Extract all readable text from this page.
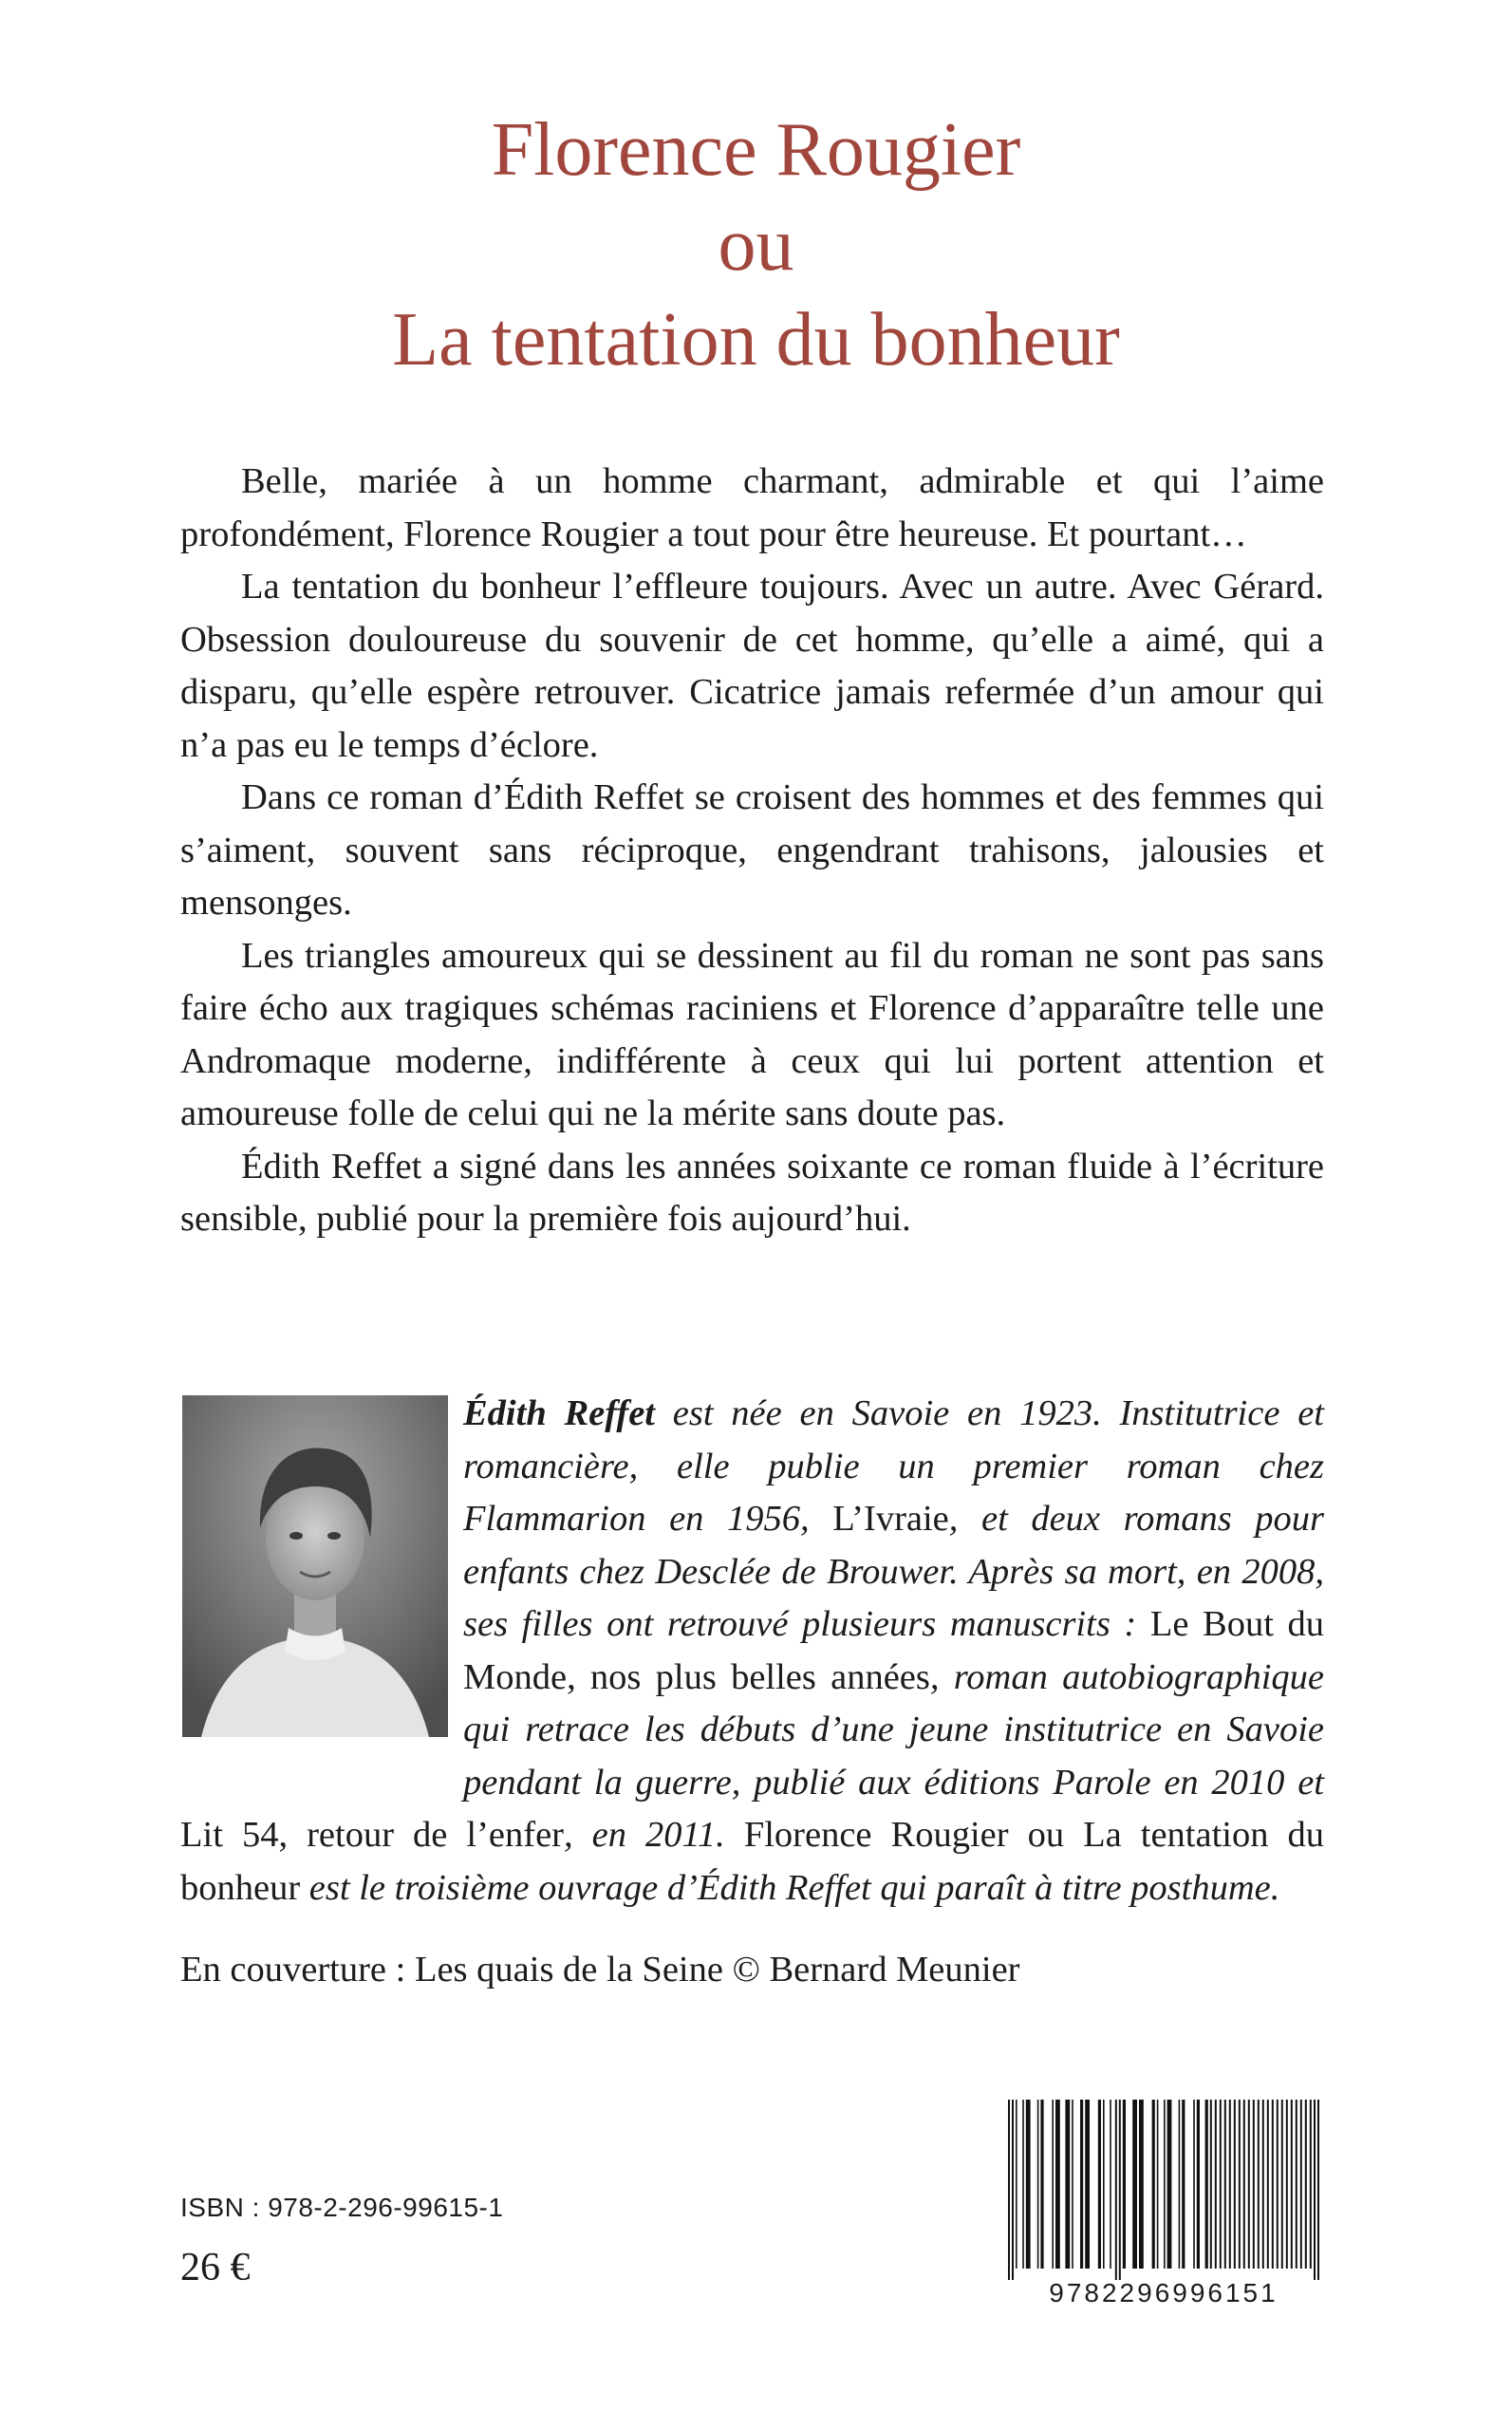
Florence Rougier
ou
La tentation du bonheur

Belle, mariée à un homme charmant, admirable et qui l’aime profondément, Florence Rougier a tout pour être heureuse. Et pourtant…

La tentation du bonheur l’effleure toujours. Avec un autre. Avec Gérard. Obsession douloureuse du souvenir de cet homme, qu’elle a aimé, qui a disparu, qu’elle espère retrouver. Cicatrice jamais refermée d’un amour qui n’a pas eu le temps d’éclore.

Dans ce roman d’Édith Reffet se croisent des hommes et des femmes qui s’aiment, souvent sans réciproque, engendrant trahisons, jalousies et mensonges.

Les triangles amoureux qui se dessinent au fil du roman ne sont pas sans faire écho aux tragiques schémas raciniens et Florence d’apparaître telle une Andromaque moderne, indifférente à ceux qui lui portent attention et amoureuse folle de celui qui ne la mérite sans doute pas.

Édith Reffet a signé dans les années soixante ce roman fluide à l’écriture sensible, publié pour la première fois aujourd’hui.

Édith Reffet est née en Savoie en 1923. Institutrice et romancière, elle publie un premier roman chez Flammarion en 1956, L’Ivraie, et deux romans pour enfants chez Desclée de Brouwer. Après sa mort, en 2008, ses filles ont retrouvé plusieurs manuscrits : Le Bout du Monde, nos plus belles années, roman autobiographique qui retrace les débuts d’une jeune institutrice en Savoie pendant la guerre, publié aux éditions Parole en 2010 et Lit 54, retour de l’enfer, en 2011. Florence Rougier ou La tentation du bonheur est le troisième ouvrage d’Édith Reffet qui paraît à titre posthume.
En couverture : Les quais de la Seine © Bernard Meunier
ISBN : 978-2-296-99615-1
26 €
9782296996151
